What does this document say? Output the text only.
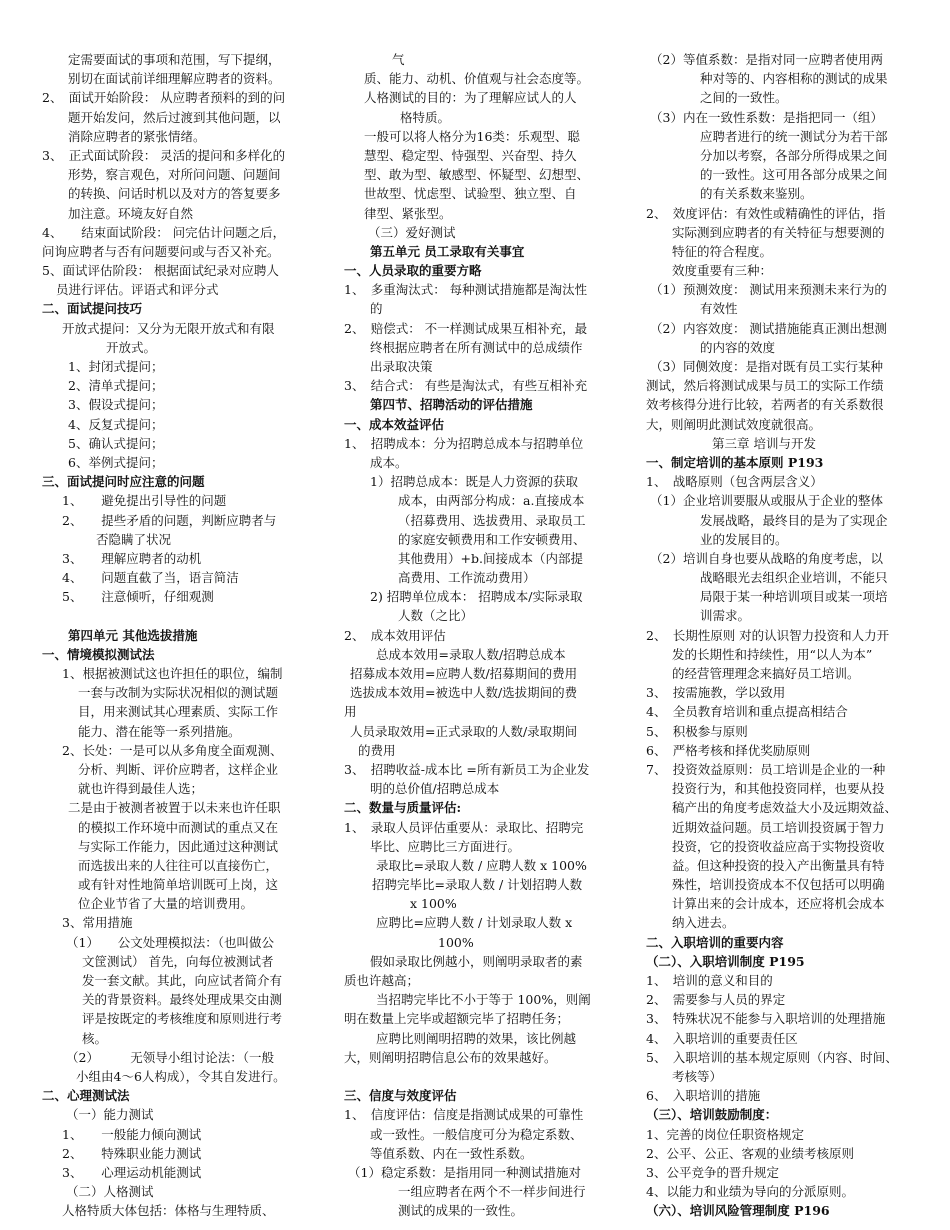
定需要面试的事项和范围，写下提纲，
别切在面试前详细理解应聘者的资料。
2、　面试开始阶段： 从应聘者预料的到的问
题开始发问，然后过渡到其他问题，以
消除应聘者的紧张情绪。
3、　正式面试阶段： 灵活的提问和多样化的
形势，察言观色，对所问问题、问题间
的转换、问话时机以及对方的答复要多
加注意。环境友好自然
4、　　结束面试阶段： 问完估计问题之后，
问询应聘者与否有问题要问或与否又补充。
5、面试评估阶段： 根据面试纪录对应聘人
员进行评估。评语式和评分式
二、面试提问技巧
开放式提问：又分为无限开放式和有限
开放式。
1、封闭式提问；
2、清单式提问；
3、假设式提问；
4、反复式提问；
5、确认式提问；
6、举例式提问；
三、面试提问时应注意的问题
1、　　避免提出引导性的问题
2、　　提些矛盾的问题，判断应聘者与
否隐瞒了状况
3、　　理解应聘者的动机
4、　　问题直截了当，语言简洁
5、　　注意倾听，仔细观测
第四单元 其他选拔措施
一、情境模拟测试法
1、根据被测试这也许担任的职位，编制
一套与改制为实际状况相似的测试题
目，用来测试其心理素质、实际工作
能力、潜在能等一系列措施。
2、长处：一是可以从多角度全面观测、
分析、判断、评价应聘者，这样企业
就也许得到最佳人选；
二是由于被测者被置于以未来也许任职
的模拟工作环境中而测试的重点又在
与实际工作能力，因此通过这种测试
而选拔出来的人往往可以直接伤亡，
或有针对性地简单培训既可上岗，这
位企业节省了大量的培训费用。
3、常用措施
（1）　　公文处理模拟法：（也叫做公
文筐测试） 首先，向每位被测试者
发一套文献。其此，向应试者简介有
关的背景资料。最终处理成果交由测
评是按既定的考核维度和原则进行考
核。
（2）　　　无领导小组讨论法：（一般
小组由4～6人构成），令其自发进行。
二、心理测试法
（一）能力测试
1、　　一般能力倾向测试
2、　　特殊职业能力测试
3、　　心理运动机能测试
（二）人格测试
人格特质大体包括：体格与生理特质、
气
质、能力、动机、价值观与社会态度等。
人格测试的目的：为了理解应试人的人
格特质。
一般可以将人格分为16类：乐观型、聪
慧型、稳定型、恃强型、兴奋型、持久
型、敢为型、敏感型、怀疑型、幻想型、
世故型、忧虑型、试验型、独立型、自
律型、紧张型。
（三）爱好测试
第五单元 员工录取有关事宜
一、人员录取的重要方略
1、　多重淘汰式： 每种测试措施都是淘汰性
的
2、　赔偿式： 不一样测试成果互相补充，最
终根据应聘者在所有测试中的总成绩作
出录取决策
3、　结合式： 有些是淘汰式，有些互相补充
第四节、招聘活动的评估措施
一、成本效益评估
1、　招聘成本：分为招聘总成本与招聘单位
成本。
1）招聘总成本：既是人力资源的获取
成本，由两部分构成：a.直接成本
（招募费用、选拔费用、录取员工
的家庭安顿费用和工作安顿费用、
其他费用）+b.间接成本（内部提
高费用、工作流动费用）
2) 招聘单位成本： 招聘成本/实际录取
人数（之比）
2、　成本效用评估
总成本效用=录取人数/招聘总成本
招募成本效用=应聘人数/招募期间的费用
选拔成本效用=被选中人数/选拔期间的费
用
人员录取效用=正式录取的人数/录取期间
的费用
3、　招聘收益-成本比 =所有新员工为企业发
明的总价值/招聘总成本
二、数量与质量评估:
1、　录取人员评估重要从：录取比、招聘完
毕比、应聘比三方面进行。
录取比=录取人数 / 应聘人数 x 100%
招聘完毕比=录取人数 / 计划招聘人数
x 100%
应聘比=应聘人数 / 计划录取人数 x
100%
假如录取比例越小，则阐明录取者的素
质也许越高；
当招聘完毕比不小于等于 100%，则阐
明在数量上完毕或超额完毕了招聘任务；
应聘比则阐明招聘的效果，该比例越
大，则阐明招聘信息公布的效果越好。
三、信度与效度评估
1、　信度评估：信度是指测试成果的可靠性
或一致性。一般信度可分为稳定系数、
等值系数、内在一致性系数。
（1）稳定系数：是指用同一种测试措施对
一组应聘者在两个不一样步间进行
测试的成果的一致性。
（2）等值系数：是指对同一应聘者使用两
种对等的、内容相称的测试的成果
之间的一致性。
（3）内在一致性系数：是指把同一（组）
应聘者进行的统一测试分为若干部
分加以考察，各部分所得成果之间
的一致性。这可用各部分成果之间
的有关系数来鉴别。
2、　效度评估：有效性或精确性的评估，指
实际测到应聘者的有关特征与想要测的
特征的符合程度。
效度重要有三种：
（1）预测效度： 测试用来预测未来行为的
有效性
（2）内容效度： 测试措施能真正测出想测
的内容的效度
（3）同侧效度：是指对既有员工实行某种
测试，然后将测试成果与员工的实际工作绩
效考核得分进行比较，若两者的有关系数很
大，则阐明此测试效度就很高。
第三章 培训与开发
一、制定培训的基本原则 P193
1、　战略原则（包含两层含义）
（1）企业培训要服从或服从于企业的整体
发展战略，最终目的是为了实现企
业的发展目的。
（2）培训自身也要从战略的角度考虑，以
战略眼光去组织企业培训，不能只
局限于某一种培训项目或某一项培
训需求。
2、　长期性原则 对的认识智力投资和人力开
发的长期性和持续性，用“以人为本”
的经营管理理念来搞好员工培训。
3、　按需施教，学以致用
4、　全员教育培训和重点提高相结合
5、　积极参与原则
6、　严格考核和择优奖励原则
7、　投资效益原则：员工培训是企业的一种
投资行为，和其他投资同样，也要从投
稿产出的角度考虑效益大小及远期效益、
近期效益问题。员工培训投资属于智力
投资，它的投资收益应高于实物投资收
益。但这种投资的投入产出衡量具有特
殊性，培训投资成本不仅包括可以明确
计算出来的会计成本，还应将机会成本
纳入进去。
二、入职培训的重要内容
（二）、入职培训制度 P195
1、　培训的意义和目的
2、　需要参与人员的界定
3、　特殊状况不能参与入职培训的处理措施
4、　入职培训的重要责任区
5、　入职培训的基本规定原则（内容、时间、
考核等）
6、　入职培训的措施
（三）、培训鼓励制度：
1、完善的岗位任职资格规定
2、公平、公正、客观的业绩考核原则
3、公平竞争的晋升规定
4、以能力和业绩为导向的分派原则。
（六）、培训风险管理制度 P196
